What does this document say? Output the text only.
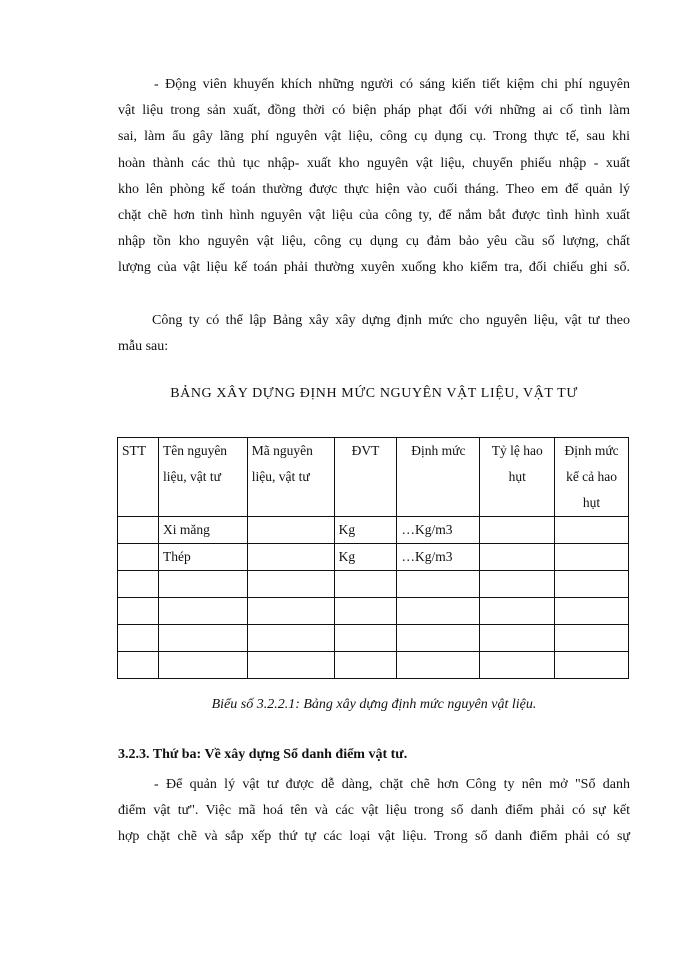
- Động viên khuyến khích những người có sáng kiến tiết kiệm chi phí nguyên
vật liệu trong sản xuất, đồng thời có biện pháp phạt đối với những ai cố tình làm
sai, làm ẩu gây lãng phí nguyên vật liệu, công cụ dụng cụ. Trong thực tế, sau khi
hoàn thành các thủ tục nhập- xuất kho nguyên vật liệu, chuyển phiếu nhập - xuất
kho lên phòng kế toán thường được thực hiện vào cuối tháng. Theo em để quản lý
chặt chẽ hơn tình hình nguyên vật liệu của công ty, để nắm bắt được tình hình xuất
nhập tồn kho nguyên vật liệu, công cụ dụng cụ đảm bảo yêu cầu số lượng, chất
lượng của vật liệu kế toán phải thường xuyên xuống kho kiểm tra, đối chiếu ghi sổ.

Công ty có thể lập Bảng xây xây dựng định mức cho nguyên liệu, vật tư theo
mẫu sau:

BẢNG XÂY DỰNG ĐỊNH MỨC NGUYÊN VẬT LIỆU, VẬT TƯ

STT	Tên nguyên liệu, vật tư	Mã nguyên liệu, vật tư	ĐVT	Định mức	Tỷ lệ hao hụt	Định mức kể cả hao hụt
	Xi măng		Kg	…Kg/m3		
	Thép		Kg	…Kg/m3		

Biểu số 3.2.2.1: Bảng xây dựng định mức nguyên vật liệu.

3.2.3. Thứ ba: Về xây dựng Sổ danh điểm vật tư.

- Để quản lý vật tư được dễ dàng, chặt chẽ hơn Công ty nên mở "Sổ danh
điểm vật tư". Việc mã hoá tên và các vật liệu trong sổ danh điểm phải có sự kết
hợp chặt chẽ và sắp xếp thứ tự các loại vật liệu. Trong sổ danh điểm phải có sự
